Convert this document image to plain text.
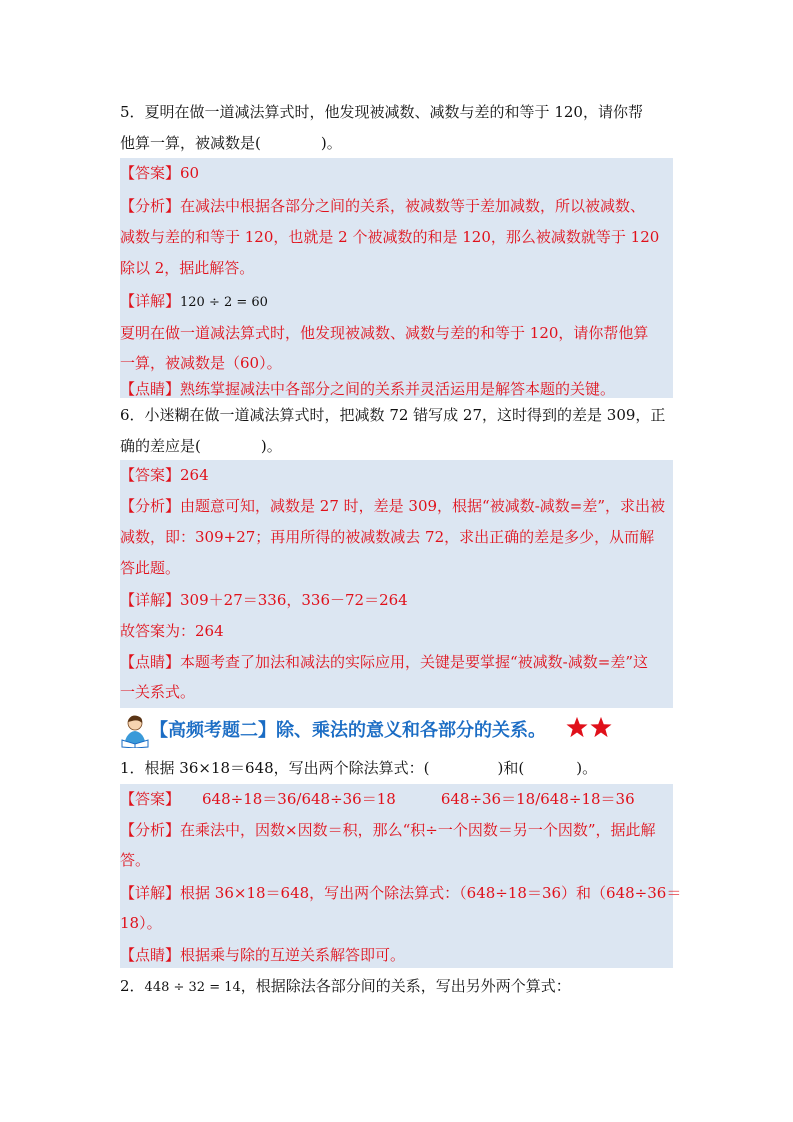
5．夏明在做一道减法算式时，他发现被减数、减数与差的和等于 120，请你帮
他算一算，被减数是(	)。
【答案】60
【分析】在减法中根据各部分之间的关系，被减数等于差加减数，所以被减数、
减数与差的和等于 120，也就是 2 个被减数的和是 120，那么被减数就等于 120
除以 2，据此解答。
【详解】120 ÷ 2 = 60
夏明在做一道减法算式时，他发现被减数、减数与差的和等于 120，请你帮他算
一算，被减数是（60）。
【点睛】熟练掌握减法中各部分之间的关系并灵活运用是解答本题的关键。
6．小迷糊在做一道减法算式时，把减数 72 错写成 27，这时得到的差是 309，正
确的差应是(	)。
【答案】264
【分析】由题意可知，减数是 27 时，差是 309，根据“被减数-减数=差”，求出被
减数，即：309+27；再用所得的被减数减去 72，求出正确的差是多少，从而解
答此题。
【详解】309＋27＝336，336－72＝264
故答案为：264
【点睛】本题考查了加法和减法的实际应用，关键是要掌握“被减数-减数=差”这
一关系式。
【高频考题二】除、乘法的意义和各部分的关系。
1．根据 36×18＝648，写出两个除法算式：(	)和(	)。
【答案】 648÷18＝36/648÷36＝18　　　648÷36＝18/648÷18＝36
【分析】在乘法中，因数×因数＝积，那么“积÷一个因数＝另一个因数”，据此解
答。
【详解】根据 36×18＝648，写出两个除法算式：（648÷18＝36）和（648÷36＝
18）。
【点睛】根据乘与除的互逆关系解答即可。
2．448 ÷ 32 = 14，根据除法各部分间的关系，写出另外两个算式：
